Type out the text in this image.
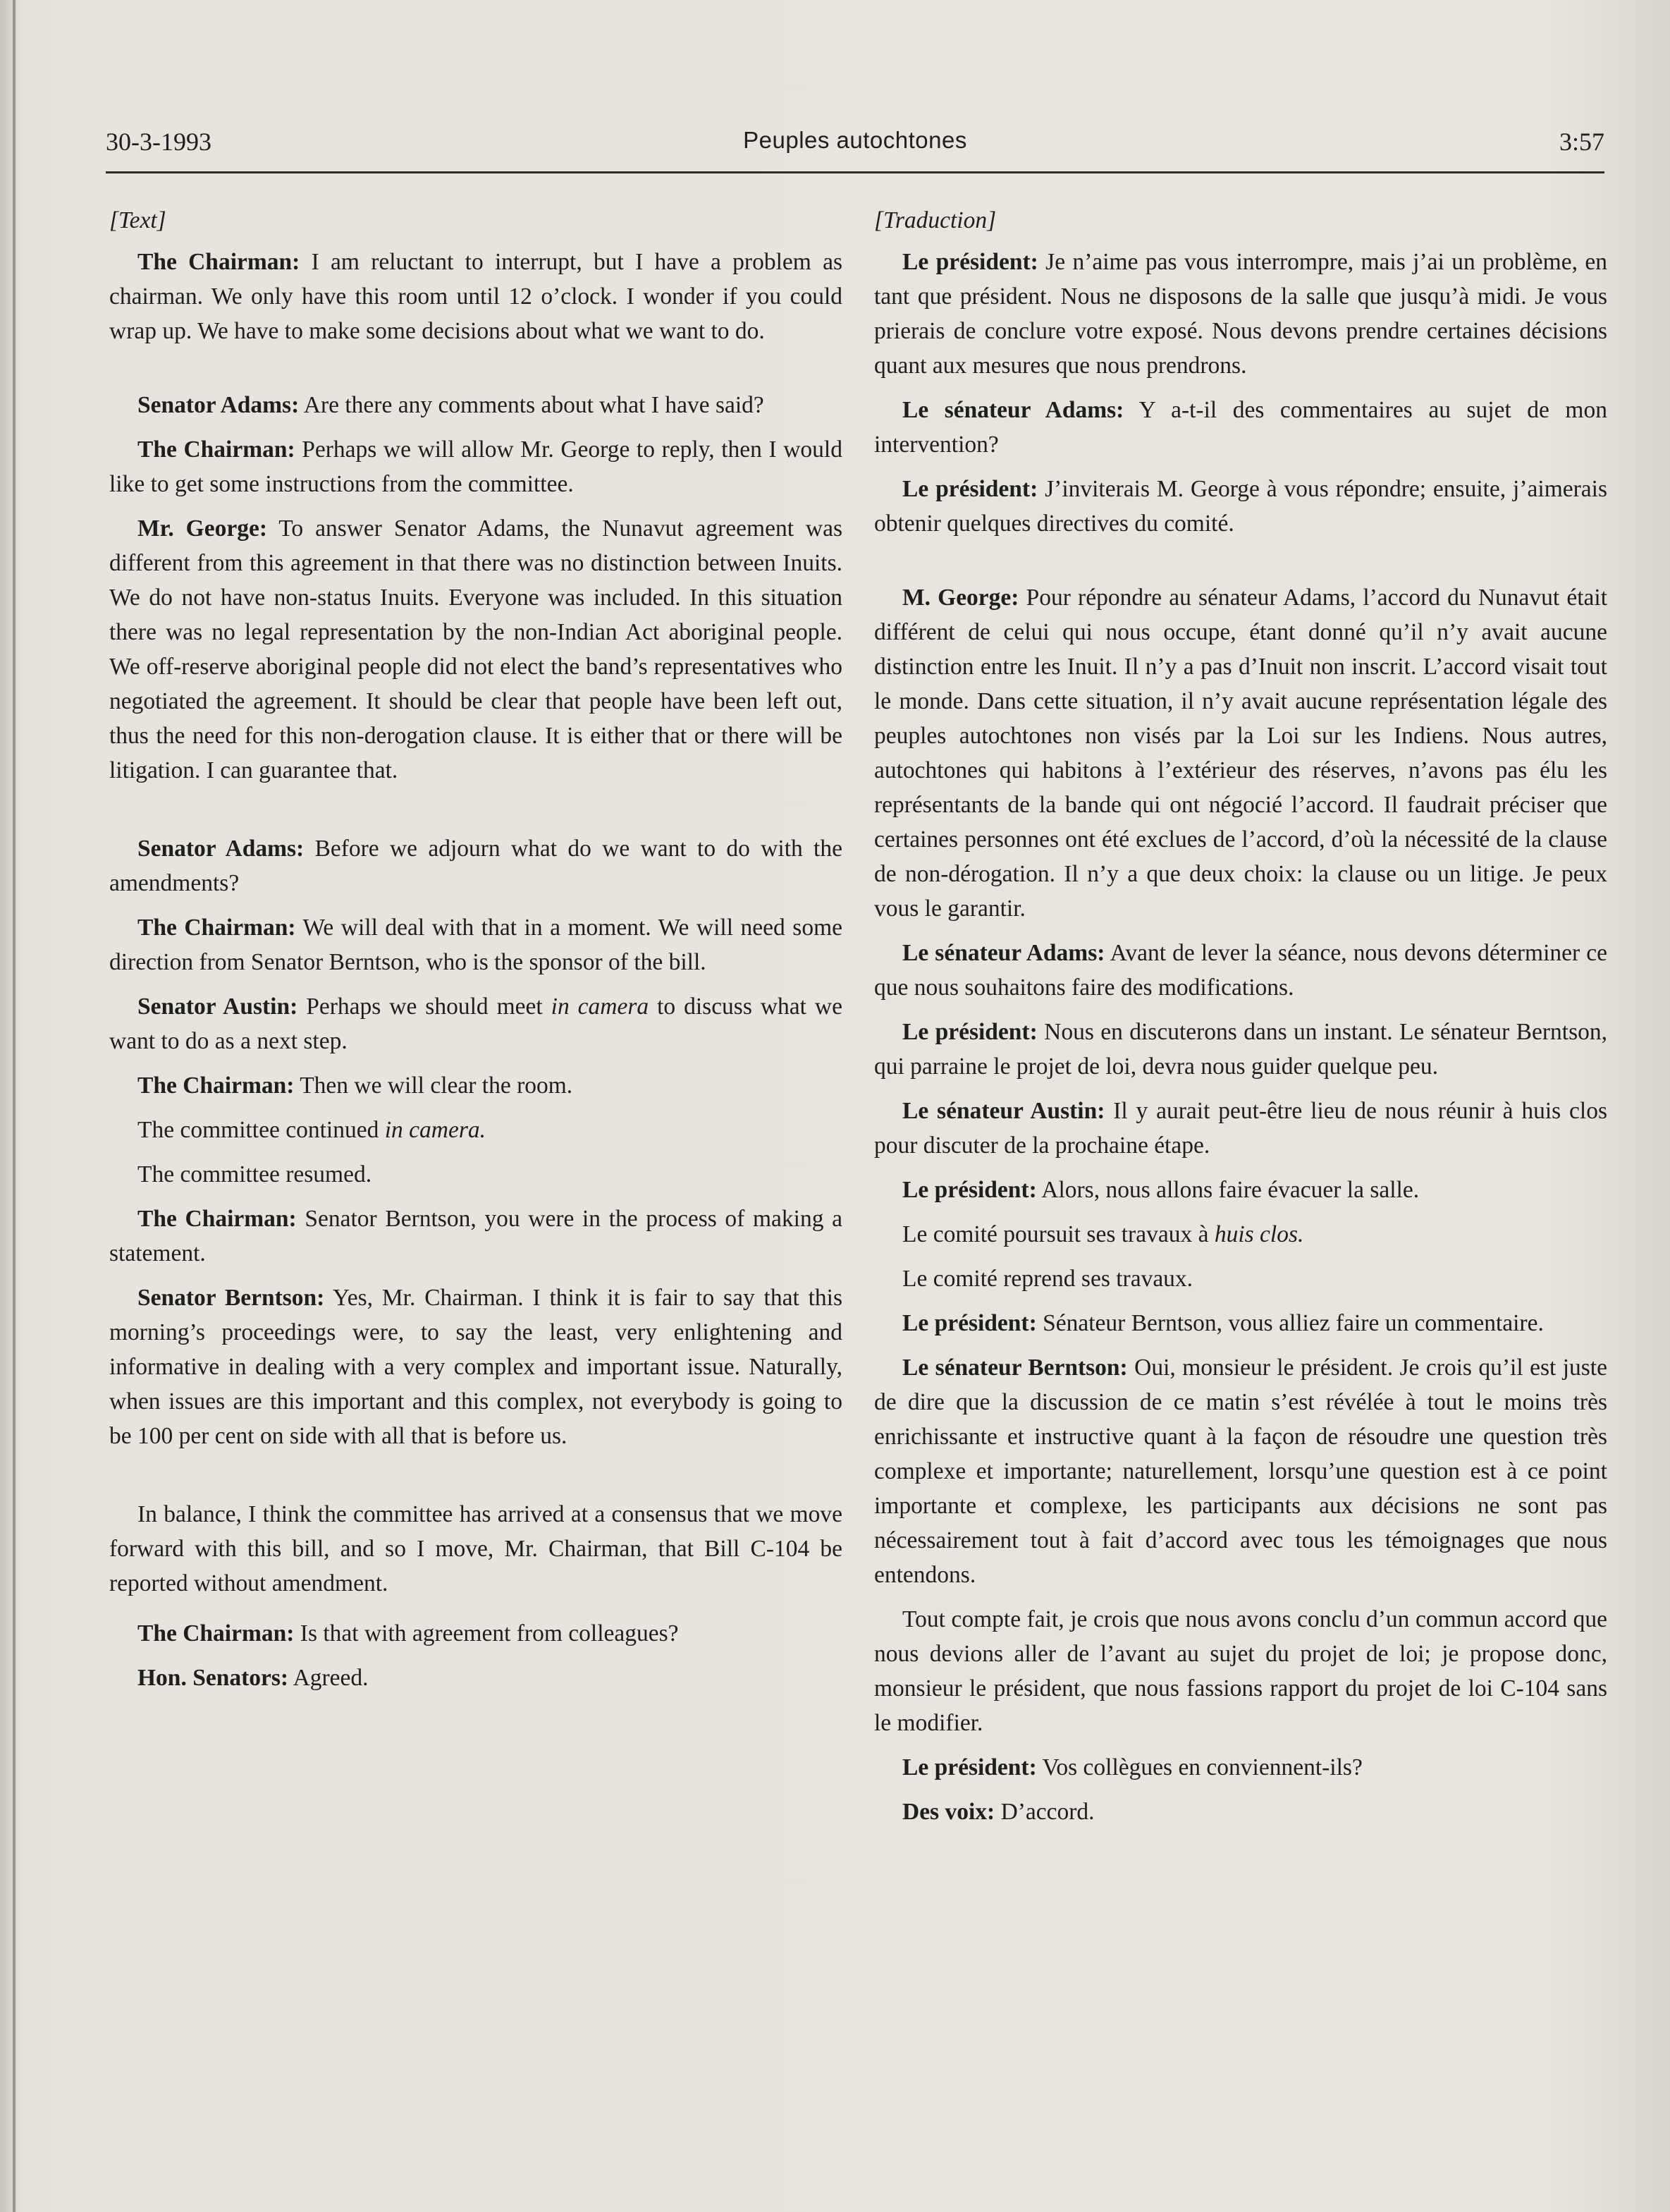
30-3-1993	Peuples autochtones	3:57

[Text]

The Chairman: I am reluctant to interrupt, but I have a problem as chairman. We only have this room until 12 o’clock. I wonder if you could wrap up. We have to make some decisions about what we want to do.

Senator Adams: Are there any comments about what I have said?

The Chairman: Perhaps we will allow Mr. George to reply, then I would like to get some instructions from the committee.

Mr. George: To answer Senator Adams, the Nunavut agreement was different from this agreement in that there was no distinction between Inuits. We do not have non-status Inuits. Everyone was included. In this situation there was no legal representation by the non-Indian Act aboriginal people. We off-reserve aboriginal people did not elect the band’s representatives who negotiated the agreement. It should be clear that people have been left out, thus the need for this non-derogation clause. It is either that or there will be litigation. I can guarantee that.

Senator Adams: Before we adjourn what do we want to do with the amendments?

The Chairman: We will deal with that in a moment. We will need some direction from Senator Berntson, who is the sponsor of the bill.

Senator Austin: Perhaps we should meet in camera to discuss what we want to do as a next step.

The Chairman: Then we will clear the room.

The committee continued in camera.

The committee resumed.

The Chairman: Senator Berntson, you were in the process of making a statement.

Senator Berntson: Yes, Mr. Chairman. I think it is fair to say that this morning’s proceedings were, to say the least, very enlightening and informative in dealing with a very complex and important issue. Naturally, when issues are this important and this complex, not everybody is going to be 100 per cent on side with all that is before us.

In balance, I think the committee has arrived at a consensus that we move forward with this bill, and so I move, Mr. Chairman, that Bill C-104 be reported without amendment.

The Chairman: Is that with agreement from colleagues?

Hon. Senators: Agreed.

[Traduction]

Le président: Je n’aime pas vous interrompre, mais j’ai un problème, en tant que président. Nous ne disposons de la salle que jusqu’à midi. Je vous prierais de conclure votre exposé. Nous devons prendre certaines décisions quant aux mesures que nous prendrons.

Le sénateur Adams: Y a-t-il des commentaires au sujet de mon intervention?

Le président: J’inviterais M. George à vous répondre; ensuite, j’aimerais obtenir quelques directives du comité.

M. George: Pour répondre au sénateur Adams, l’accord du Nunavut était différent de celui qui nous occupe, étant donné qu’il n’y avait aucune distinction entre les Inuit. Il n’y a pas d’Inuit non inscrit. L’accord visait tout le monde. Dans cette situation, il n’y avait aucune représentation légale des peuples autochtones non visés par la Loi sur les Indiens. Nous autres, autochtones qui habitons à l’extérieur des réserves, n’avons pas élu les représentants de la bande qui ont négocié l’accord. Il faudrait préciser que certaines personnes ont été exclues de l’accord, d’où la nécessité de la clause de non-dérogation. Il n’y a que deux choix: la clause ou un litige. Je peux vous le garantir.

Le sénateur Adams: Avant de lever la séance, nous devons déterminer ce que nous souhaitons faire des modifications.

Le président: Nous en discuterons dans un instant. Le sénateur Berntson, qui parraine le projet de loi, devra nous guider quelque peu.

Le sénateur Austin: Il y aurait peut-être lieu de nous réunir à huis clos pour discuter de la prochaine étape.

Le président: Alors, nous allons faire évacuer la salle.

Le comité poursuit ses travaux à huis clos.

Le comité reprend ses travaux.

Le président: Sénateur Berntson, vous alliez faire un commentaire.

Le sénateur Berntson: Oui, monsieur le président. Je crois qu’il est juste de dire que la discussion de ce matin s’est révélée à tout le moins très enrichissante et instructive quant à la façon de résoudre une question très complexe et importante; naturellement, lorsqu’une question est à ce point importante et complexe, les participants aux décisions ne sont pas nécessairement tout à fait d’accord avec tous les témoignages que nous entendons.

Tout compte fait, je crois que nous avons conclu d’un commun accord que nous devions aller de l’avant au sujet du projet de loi; je propose donc, monsieur le président, que nous fassions rapport du projet de loi C-104 sans le modifier.

Le président: Vos collègues en conviennent-ils?

Des voix: D’accord.
